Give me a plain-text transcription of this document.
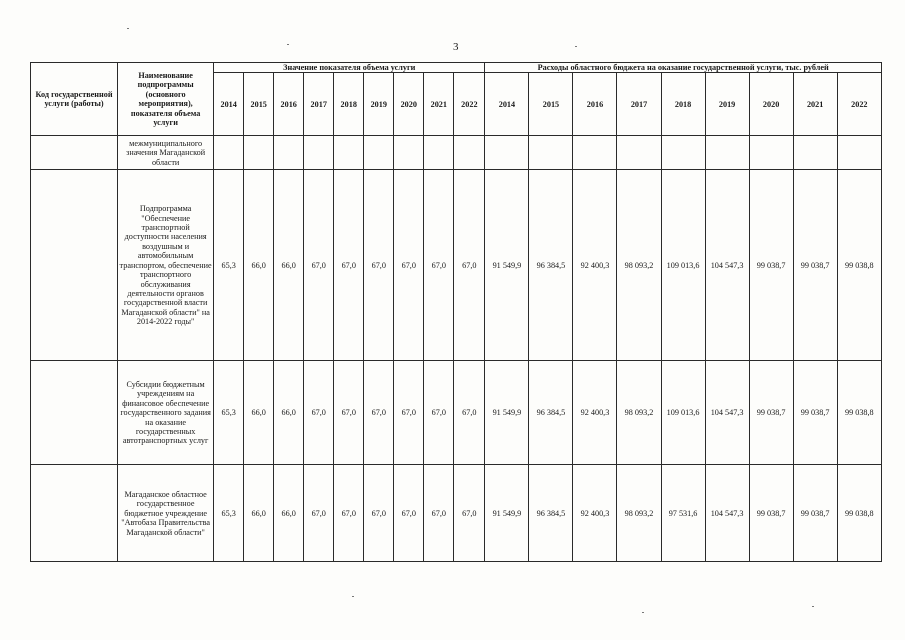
3
Код государственной услуги (работы)	Наименование подпрограммы (основного мероприятия), показателя объема услуги	Значение показателя объема услуги									Расходы областного бюджета на оказание государственной услуги, тыс. рублей								
		2014	2015	2016	2017	2018	2019	2020	2021	2022	2014	2015	2016	2017	2018	2019	2020	2021	2022
	межмуниципального значения Магаданской области																		
	Подпрограмма "Обеспечение транспортной доступности населения воздушным и автомобильным транспортом, обеспечение транспортного обслуживания деятельности органов государственной власти Магаданской области" на 2014-2022 годы"	65,3	66,0	66,0	67,0	67,0	67,0	67,0	67,0	67,0	91 549,9	96 384,5	92 400,3	98 093,2	109 013,6	104 547,3	99 038,7	99 038,7	99 038,8
	Субсидии бюджетным учреждениям на финансовое обеспечение государственного задания на оказание государственных автотранспортных услуг	65,3	66,0	66,0	67,0	67,0	67,0	67,0	67,0	67,0	91 549,9	96 384,5	92 400,3	98 093,2	109 013,6	104 547,3	99 038,7	99 038,7	99 038,8
	Магаданское областное государственное бюджетное учреждение "Автобаза Правительства Магаданской области"	65,3	66,0	66,0	67,0	67,0	67,0	67,0	67,0	67,0	91 549,9	96 384,5	92 400,3	98 093,2	97 531,6	104 547,3	99 038,7	99 038,7	99 038,8
